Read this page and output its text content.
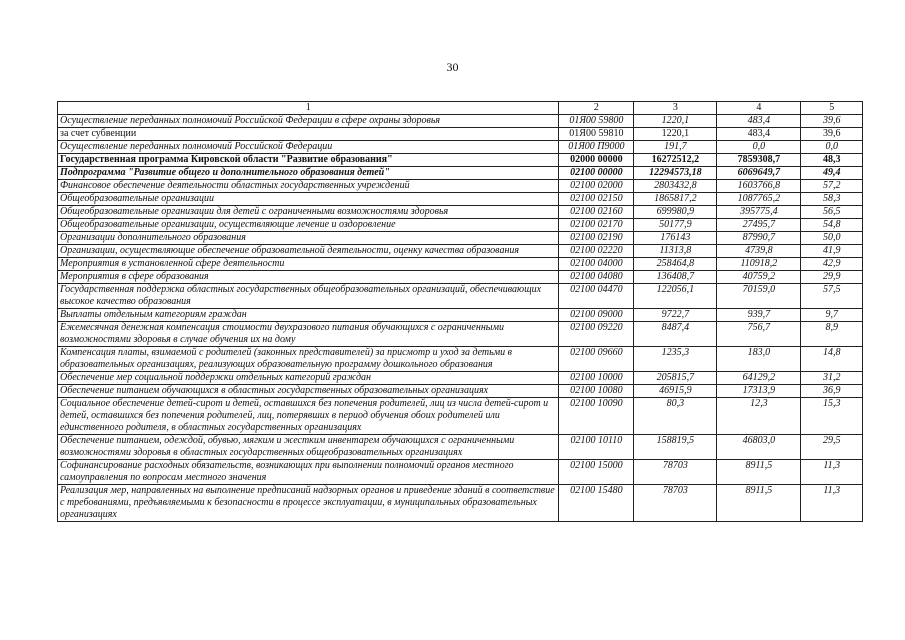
30
1	2	3	4	5
Осуществление переданных полномочий Российской Федерации в сфере охраны здоровья	01Я00 59800	1220,1	483,4	39,6
за счет субвенции	01Я00 59810	1220,1	483,4	39,6
Осуществление переданных полномочий Российской Федерации	01Я00 П9000	191,7	0,0	0,0
Государственная программа Кировской области "Развитие образования"	02000 00000	16272512,2	7859308,7	48,3
Подпрограмма "Развитие общего и дополнительного образования детей"	02100 00000	12294573,18	6069649,7	49,4
Финансовое обеспечение деятельности областных государственных учреждений	02100 02000	2803432,8	1603766,8	57,2
Общеобразовательные организации	02100 02150	1865817,2	1087765,2	58,3
Общеобразовательные организации для детей с ограниченными возможностями здоровья	02100 02160	699980,9	395775,4	56,5
Общеобразовательные организации, осуществляющие лечение и оздоровление	02100 02170	50177,9	27495,7	54,8
Организации дополнительного образования	02100 02190	176143	87990,7	50,0
Организации, осуществляющие обеспечение образовательной деятельности, оценку качества образования	02100 02220	11313,8	4739,8	41,9
Мероприятия в установленной сфере деятельности	02100 04000	258464,8	110918,2	42,9
Мероприятия в сфере образования	02100 04080	136408,7	40759,2	29,9
Государственная поддержка областных государственных общеобразовательных организаций, обеспечивающих высокое качество образования	02100 04470	122056,1	70159,0	57,5
Выплаты отдельным категориям граждан	02100 09000	9722,7	939,7	9,7
Ежемесячная денежная компенсация стоимости двухразового питания обучающихся с ограниченными возможностями здоровья в случае обучения их на дому	02100 09220	8487,4	756,7	8,9
Компенсация платы, взимаемой с родителей (законных представителей) за присмотр и уход за детьми в образовательных организациях, реализующих образовательную программу дошкольного образования	02100 09660	1235,3	183,0	14,8
Обеспечение мер социальной поддержки отдельных категорий граждан	02100 10000	205815,7	64129,2	31,2
Обеспечение питанием обучающихся в областных государственных образовательных организациях	02100 10080	46915,9	17313,9	36,9
Социальное обеспечение детей-сирот и детей, оставшихся без попечения родителей, лиц из числа детей-сирот и детей, оставшихся без попечения родителей, лиц, потерявших в период обучения обоих родителей или единственного родителя, в областных государственных организациях	02100 10090	80,3	12,3	15,3
Обеспечение питанием, одеждой, обувью, мягким и жестким инвентарем обучающихся с ограниченными возможностями здоровья в областных государственных общеобразовательных организациях	02100 10110	158819,5	46803,0	29,5
Софинансирование расходных обязательств, возникающих при выполнении полномочий органов местного самоуправления по вопросам местного значения	02100 15000	78703	8911,5	11,3
Реализация мер, направленных на выполнение предписаний надзорных органов и приведение зданий в соответствие с требованиями, предъявляемыми к безопасности в процессе эксплуатации, в муниципальных образовательных организациях	02100 15480	78703	8911,5	11,3
